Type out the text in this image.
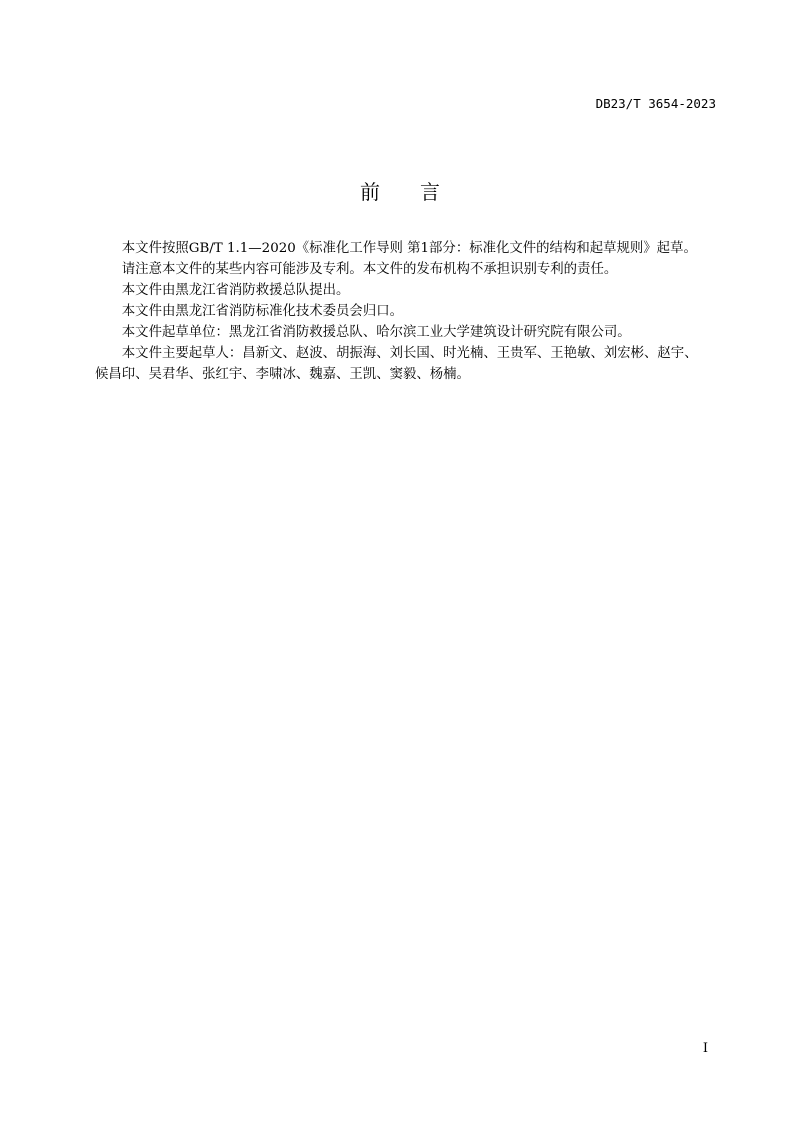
DB23/T 3654-2023
前 言

本文件按照GB/T 1.1—2020《标准化工作导则 第1部分：标准化文件的结构和起草规则》起草。

请注意本文件的某些内容可能涉及专利。本文件的发布机构不承担识别专利的责任。

本文件由黑龙江省消防救援总队提出。

本文件由黑龙江省消防标准化技术委员会归口。

本文件起草单位：黑龙江省消防救援总队、哈尔滨工业大学建筑设计研究院有限公司。

本文件主要起草人：昌新文、赵波、胡振海、刘长国、时光楠、王贵军、王艳敏、刘宏彬、赵宇、

候昌印、吴君华、张红宇、李啸冰、魏嘉、王凯、窦毅、杨楠。

I
